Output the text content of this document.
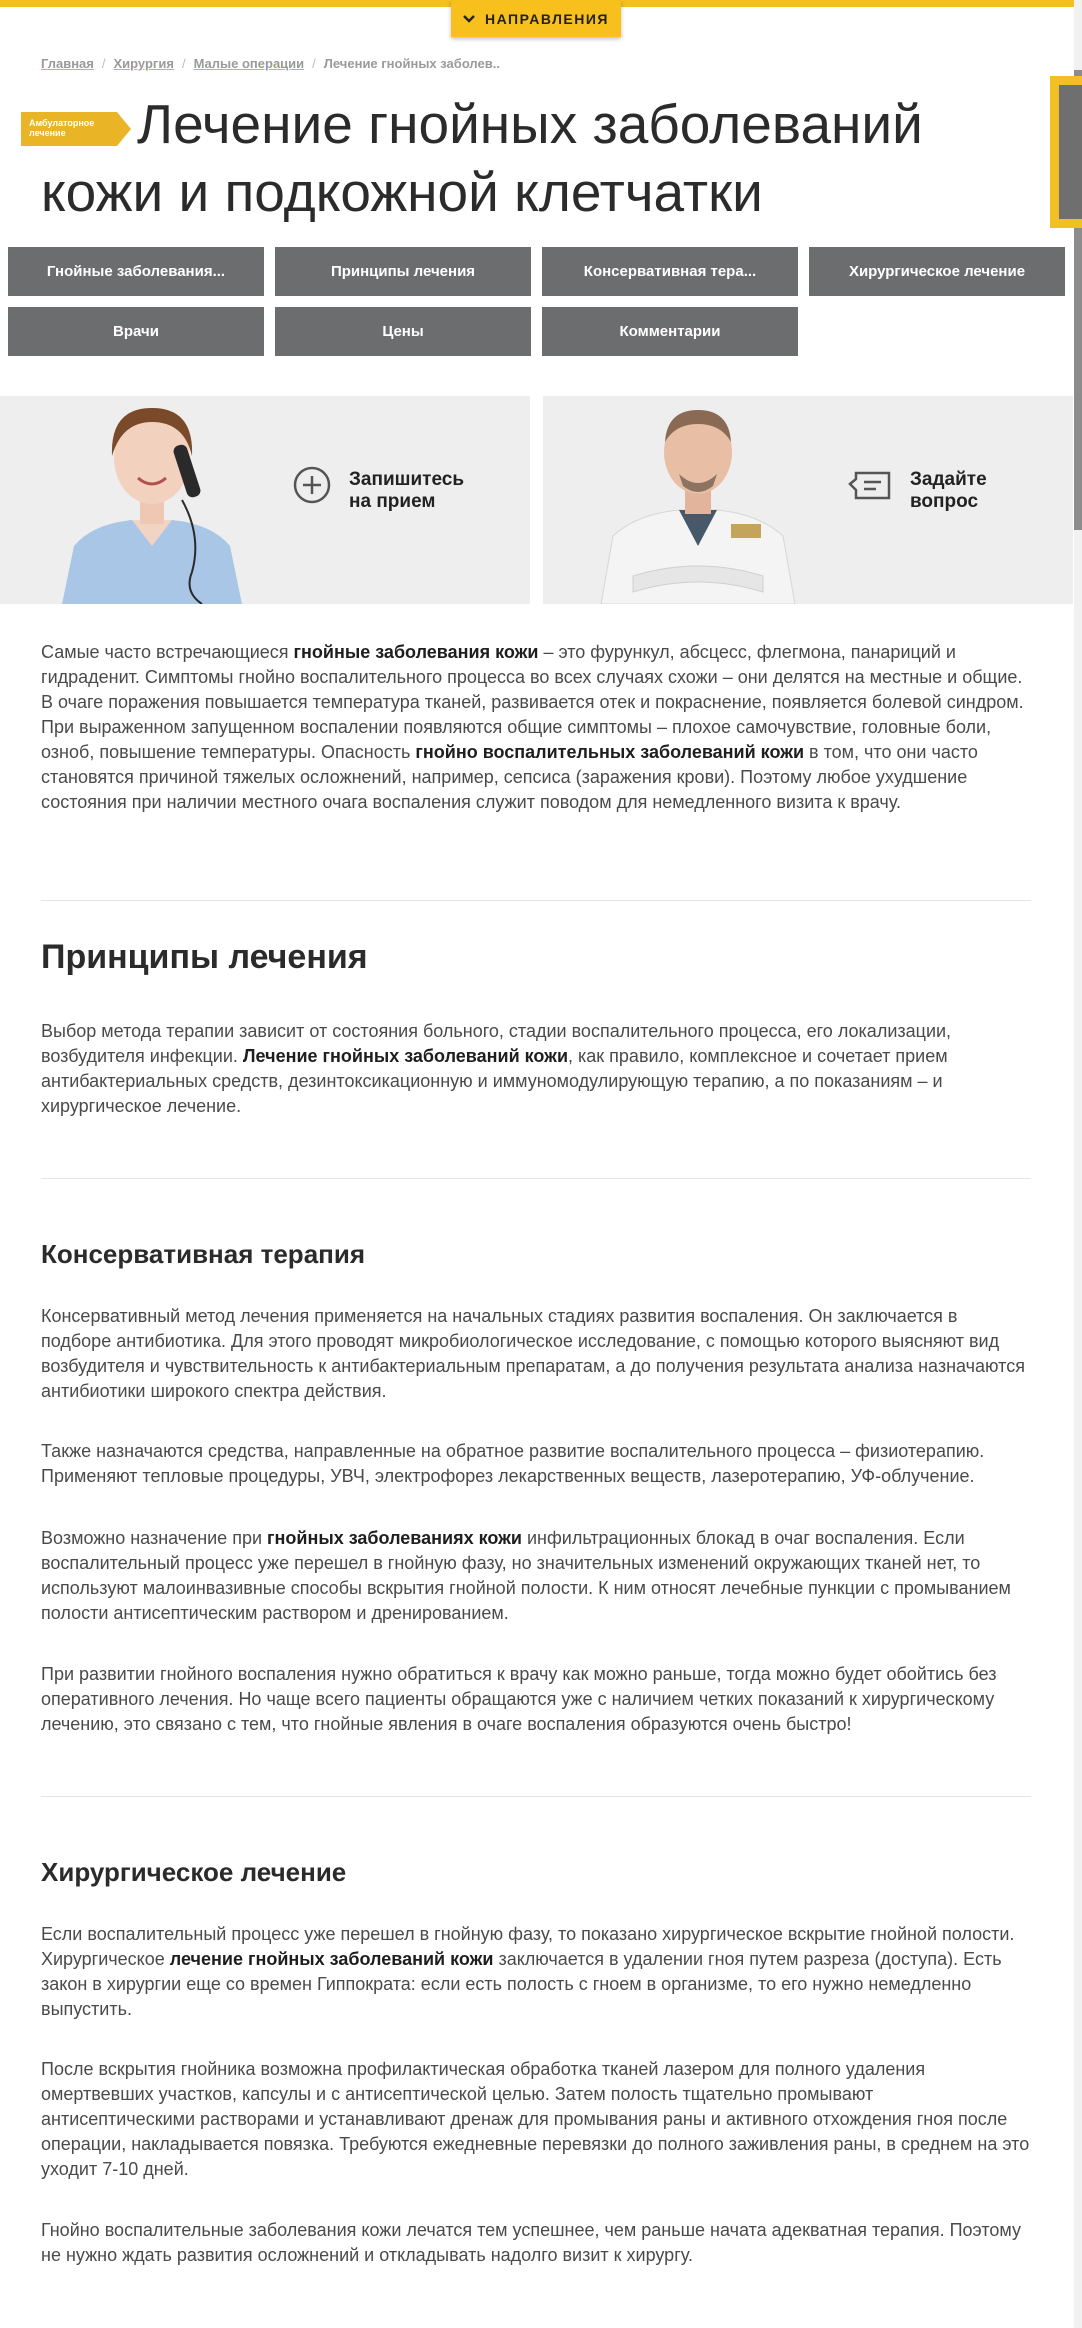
НАПРАВЛЕНИЯ
Главная / Хирургия / Малые операции / Лечение гнойных заболев..
Лечение гнойных заболеваний кожи и подкожной клетчатки
Амбулаторное
лечение
Гнойные заболевания...	Принципы лечения	Консервативная тера...	Хирургическое лечение
Врачи	Цены	Комментарии
Запишитесь
на прием
Задайте
вопрос

Самые часто встречающиеся гнойные заболевания кожи – это фурункул, абсцесс, флегмона, панариций и гидраденит. Симптомы гнойно воспалительного процесса во всех случаях схожи – они делятся на местные и общие. В очаге поражения повышается температура тканей, развивается отек и покраснение, появляется болевой синдром. При выраженном запущенном воспалении появляются общие симптомы – плохое самочувствие, головные боли, озноб, повышение температуры. Опасность гнойно воспалительных заболеваний кожи в том, что они часто становятся причиной тяжелых осложнений, например, сепсиса (заражения крови). Поэтому любое ухудшение состояния при наличии местного очага воспаления служит поводом для немедленного визита к врачу.

Принципы лечения

Выбор метода терапии зависит от состояния больного, стадии воспалительного процесса, его локализации, возбудителя инфекции. Лечение гнойных заболеваний кожи, как правило, комплексное и сочетает прием антибактериальных средств, дезинтоксикационную и иммуномодулирующую терапию, а по показаниям – и хирургическое лечение.

Консервативная терапия

Консервативный метод лечения применяется на начальных стадиях развития воспаления. Он заключается в подборе антибиотика. Для этого проводят микробиологическое исследование, с помощью которого выясняют вид возбудителя и чувствительность к антибактериальным препаратам, а до получения результата анализа назначаются антибиотики широкого спектра действия.

Также назначаются средства, направленные на обратное развитие воспалительного процесса – физиотерапию. Применяют тепловые процедуры, УВЧ, электрофорез лекарственных веществ, лазеротерапию, УФ-облучение.

Возможно назначение при гнойных заболеваниях кожи инфильтрационных блокад в очаг воспаления. Если воспалительный процесс уже перешел в гнойную фазу, но значительных изменений окружающих тканей нет, то используют малоинвазивные способы вскрытия гнойной полости. К ним относят лечебные пункции с промыванием полости антисептическим раствором и дренированием.

При развитии гнойного воспаления нужно обратиться к врачу как можно раньше, тогда можно будет обойтись без оперативного лечения. Но чаще всего пациенты обращаются уже с наличием четких показаний к хирургическому лечению, это связано с тем, что гнойные явления в очаге воспаления образуются очень быстро!

Хирургическое лечение

Если воспалительный процесс уже перешел в гнойную фазу, то показано хирургическое вскрытие гнойной полости. Хирургическое лечение гнойных заболеваний кожи заключается в удалении гноя путем разреза (доступа). Есть закон в хирургии еще со времен Гиппократа: если есть полость с гноем в организме, то его нужно немедленно выпустить.

После вскрытия гнойника возможна профилактическая обработка тканей лазером для полного удаления омертвевших участков, капсулы и с антисептической целью. Затем полость тщательно промывают антисептическими растворами и устанавливают дренаж для промывания раны и активного отхождения гноя после операции, накладывается повязка. Требуются ежедневные перевязки до полного заживления раны, в среднем на это уходит 7-10 дней.

Гнойно воспалительные заболевания кожи лечатся тем успешнее, чем раньше начата адекватная терапия. Поэтому не нужно ждать развития осложнений и откладывать надолго визит к хирургу.
